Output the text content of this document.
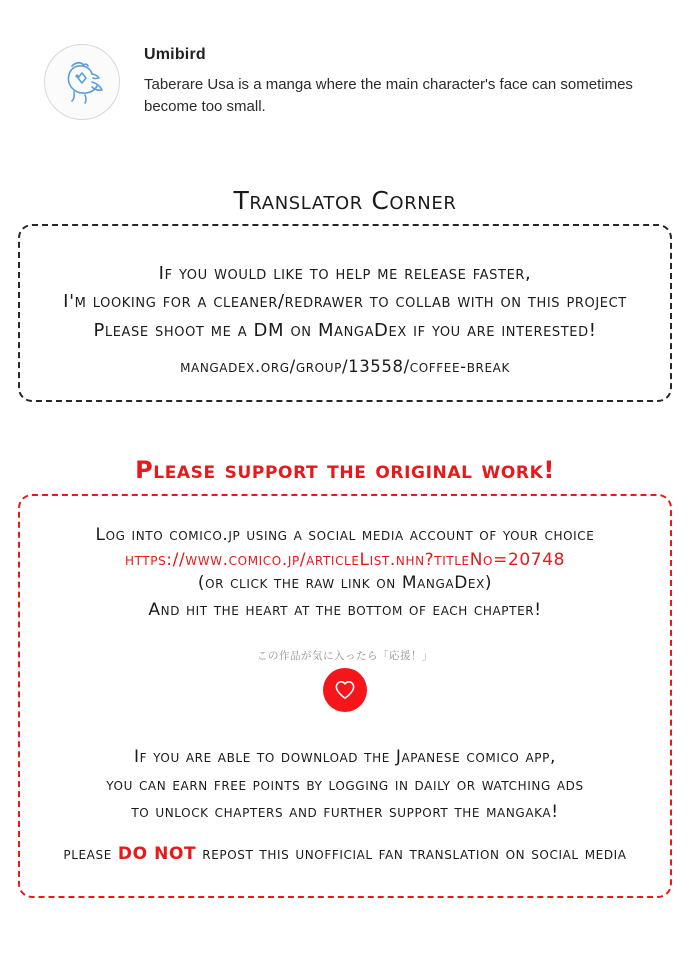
Umibird
Taberare Usa is a manga where the main character's face can sometimes become too small.
Translator Corner
If you would like to help me release faster,
I'm looking for a cleaner/redrawer to collab with on this project
Please shoot me a DM on MangaDex if you are interested!
mangadex.org/group/13558/coffee-break
Please support the original work!
Log into comico.jp using a social media account of your choice
https://www.comico.jp/articleList.nhn?titleNo=20748
(or click the raw link on MangaDex)
And hit the heart at the bottom of each chapter!
この作品が気に入ったら「応援！」
If you are able to download the Japanese comico app,
you can earn free points by logging in daily or watching ads
to unlock chapters and further support the mangaka!
please DO NOT repost this unofficial fan translation on social media
